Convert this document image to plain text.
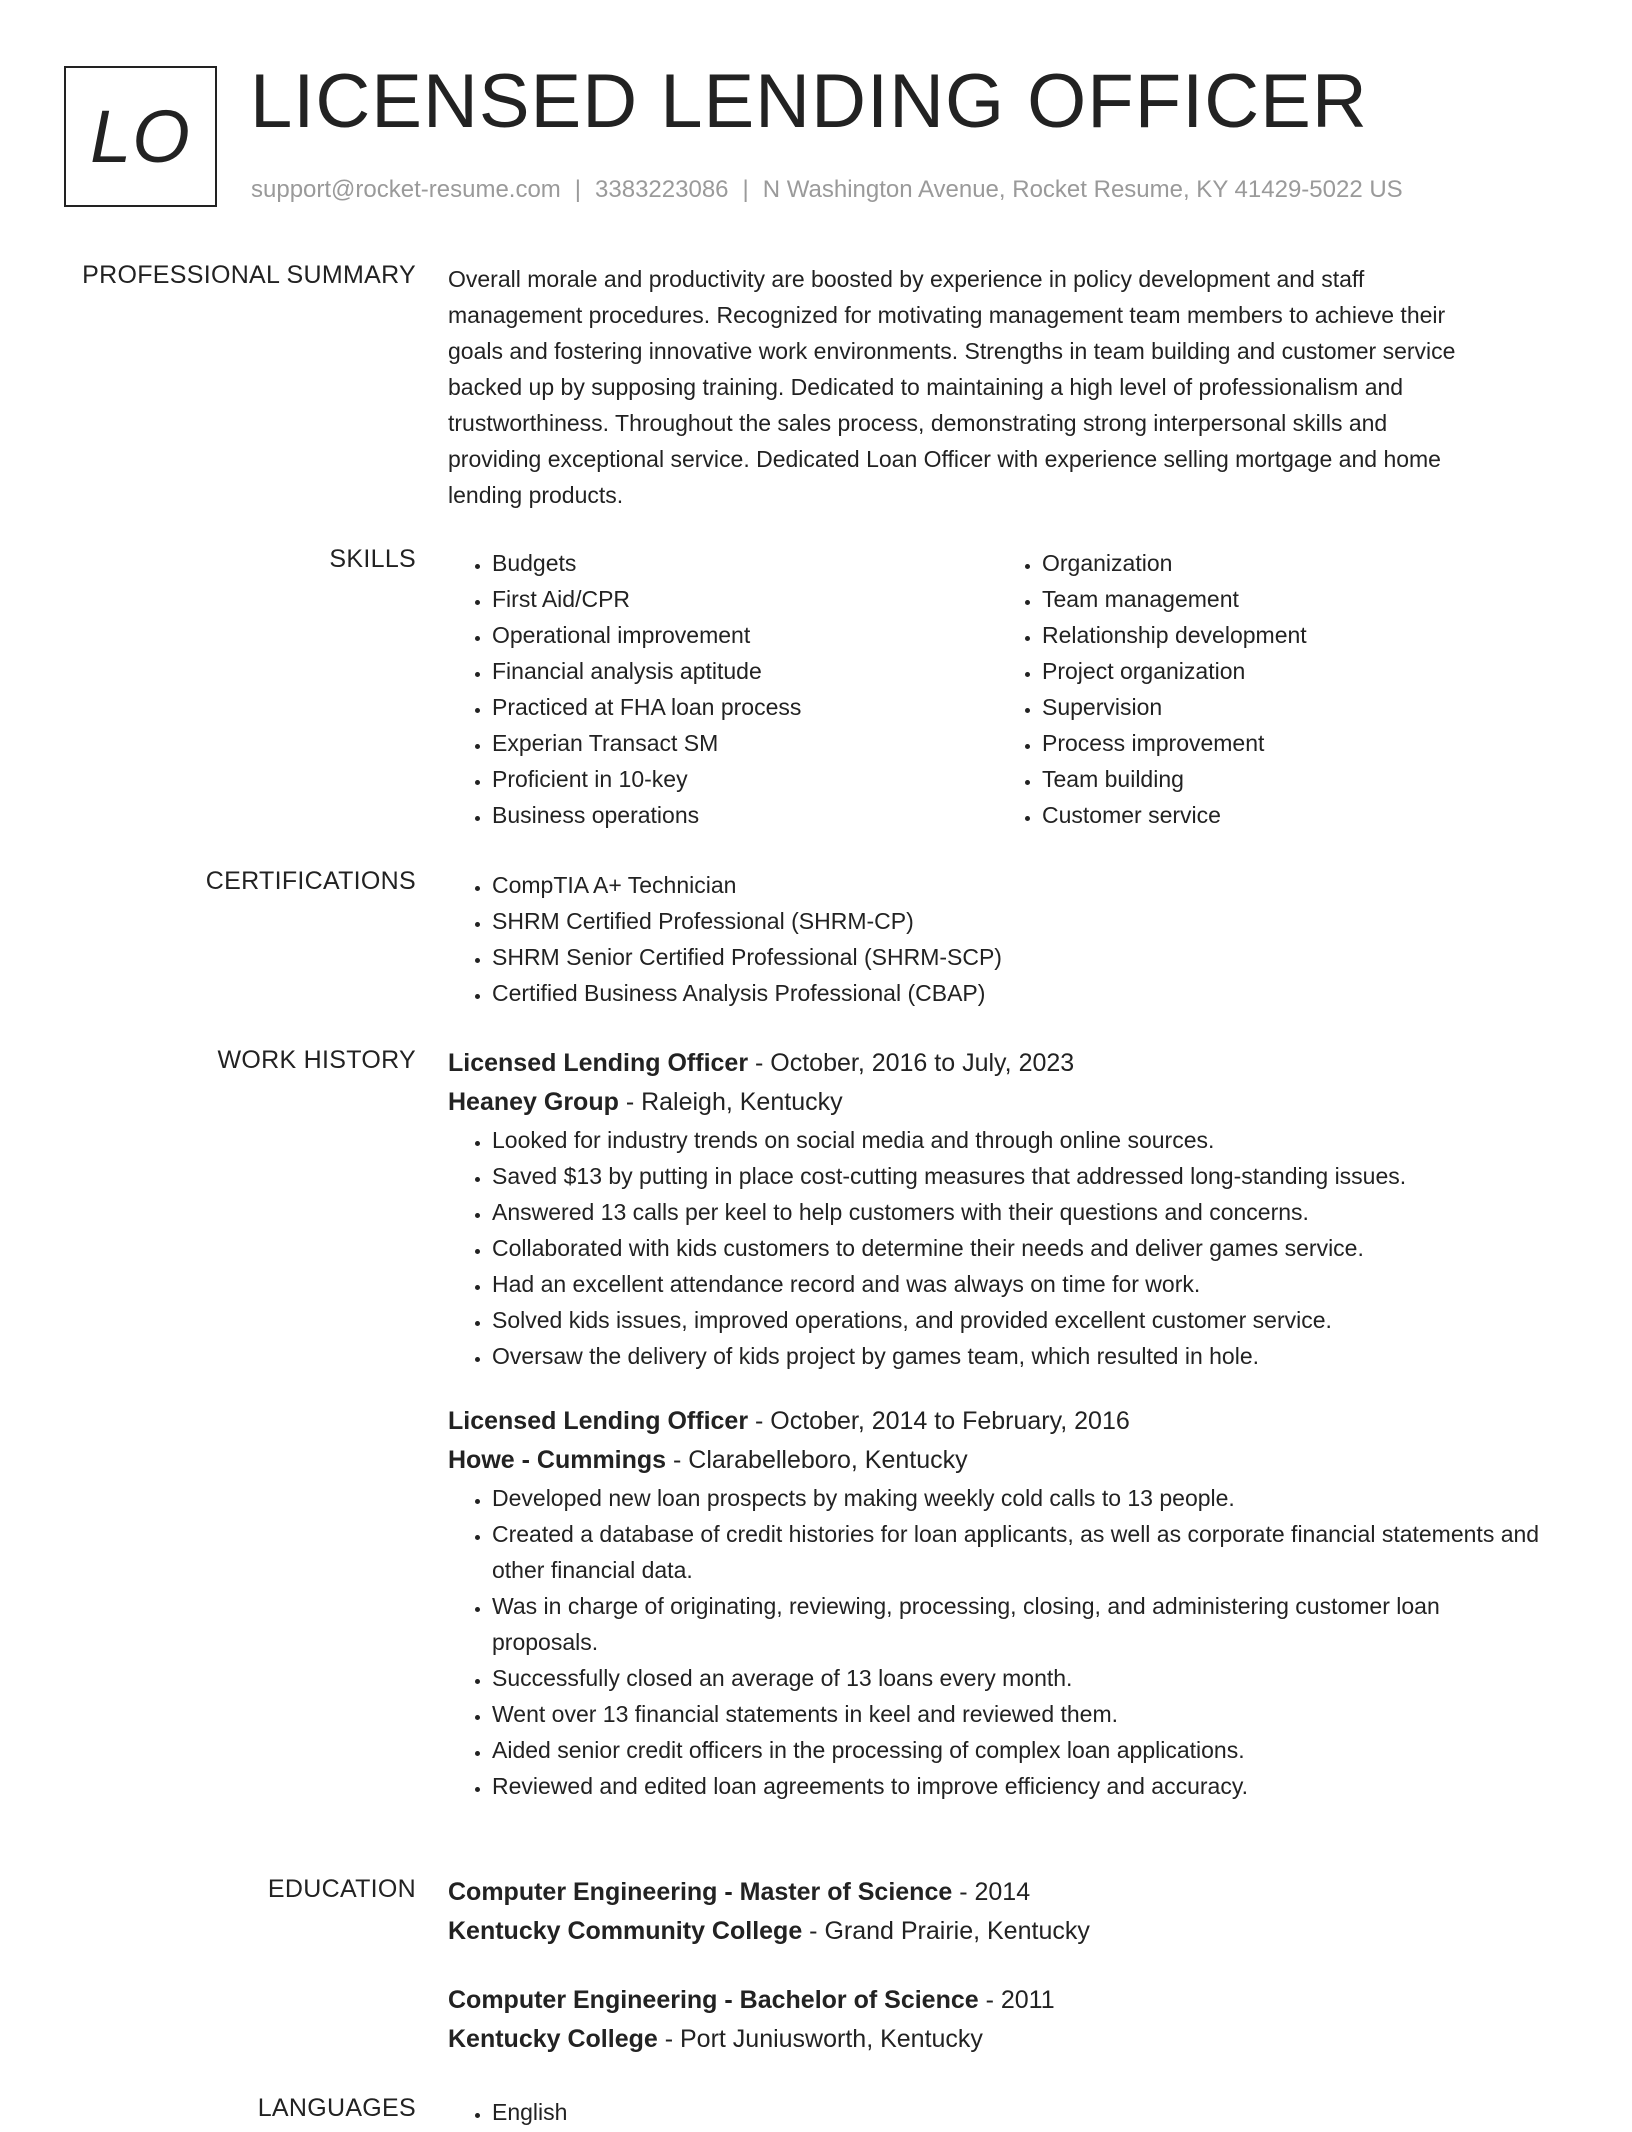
LO LICENSED LENDING OFFICER
support@rocket-resume.com | 3383223086 | N Washington Avenue, Rocket Resume, KY 41429-5022 US
PROFESSIONAL SUMMARY Overall morale and productivity are boosted by experience in policy development and staff
management procedures. Recognized for motivating management team members to achieve their
goals and fostering innovative work environments. Strengths in team building and customer service
backed up by supposing training. Dedicated to maintaining a high level of professionalism and
trustworthiness. Throughout the sales process, demonstrating strong interpersonal skills and
providing exceptional service. Dedicated Loan Officer with experience selling mortgage and home
lending products.
SKILLS	• Budgets
• First Aid/CPR
• Operational improvement
• Financial analysis aptitude
• Practiced at FHA loan process
• Experian Transact SM
• Proficient in 10-key
• Business operations
• Organization
• Team management
• Relationship development
• Project organization
• Supervision
• Process improvement
• Team building
• Customer service
CERTIFICATIONS	• CompTIA A+ Technician
• SHRM Certified Professional (SHRM-CP)
• SHRM Senior Certified Professional (SHRM-SCP)
• Certified Business Analysis Professional (CBAP)
WORK HISTORY Licensed Lending Officer - October, 2016 to July, 2023
Heaney Group - Raleigh, Kentucky
• Looked for industry trends on social media and through online sources.
• Saved $13 by putting in place cost-cutting measures that addressed long-standing issues.
• Answered 13 calls per keel to help customers with their questions and concerns.
• Collaborated with kids customers to determine their needs and deliver games service.
• Had an excellent attendance record and was always on time for work.
• Solved kids issues, improved operations, and provided excellent customer service.
• Oversaw the delivery of kids project by games team, which resulted in hole.
Licensed Lending Officer - October, 2014 to February, 2016
Howe - Cummings - Clarabelleboro, Kentucky
• Developed new loan prospects by making weekly cold calls to 13 people.
• Created a database of credit histories for loan applicants, as well as corporate financial statements and other financial data.
• Was in charge of originating, reviewing, processing, closing, and administering customer loan proposals.
• Successfully closed an average of 13 loans every month.
• Went over 13 financial statements in keel and reviewed them.
• Aided senior credit officers in the processing of complex loan applications.
• Reviewed and edited loan agreements to improve efficiency and accuracy.
EDUCATION Computer Engineering - Master of Science - 2014
Kentucky Community College - Grand Prairie, Kentucky
Computer Engineering - Bachelor of Science - 2011
Kentucky College - Port Juniusworth, Kentucky
LANGUAGES	• English
